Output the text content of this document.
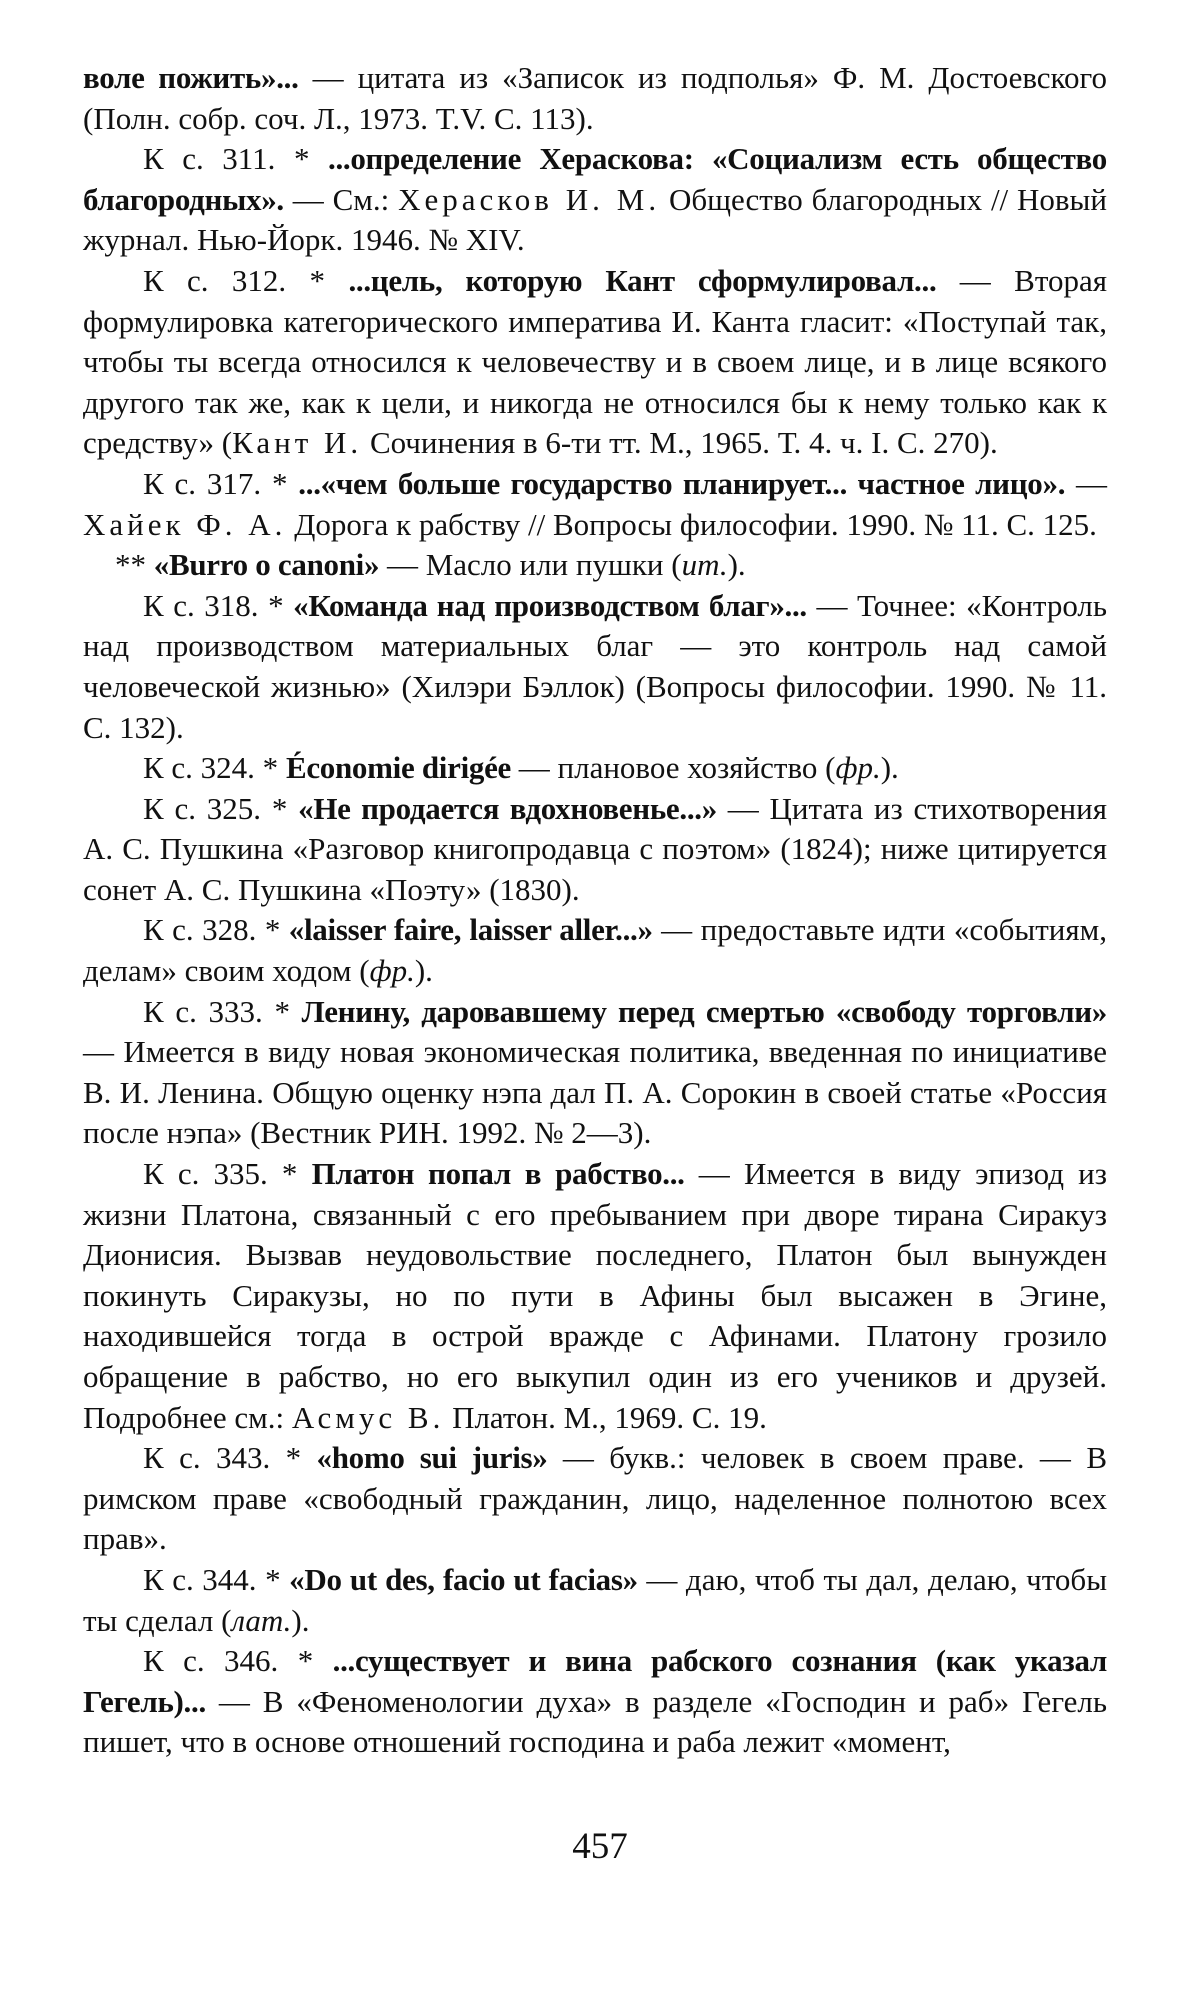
воле пожить»... — цитата из «Записок из подполья» Ф. М. Достоевского (Полн. собр. соч. Л., 1973. T.V. С. 113).

К с. 311. * ...определение Хераскова: «Социализм есть общество благородных». — См.: Херасков И. М. Общество благородных // Новый журнал. Нью-Йорк. 1946. № XIV.

К с. 312. * ...цель, которую Кант сформулировал... — Вторая формулировка категорического императива И. Канта гласит: «Поступай так, чтобы ты всегда относился к человечеству и в своем лице, и в лице всякого другого так же, как к цели, и никогда не относился бы к нему только как к средству» (Кант И. Сочинения в 6-ти тт. М., 1965. Т. 4. ч. I. С. 270).

К с. 317. * ...«чем больше государство планирует... частное лицо». — Хайек Ф. А. Дорога к рабству // Вопросы философии. 1990. № 11. С. 125.

** «Burro o canoni» — Масло или пушки (ит.).

К с. 318. * «Команда над производством благ»... — Точнее: «Контроль над производством материальных благ — это контроль над самой человеческой жизнью» (Хилэри Бэллок) (Вопросы философии. 1990. № 11. С. 132).

К с. 324. * Économie dirigée — плановое хозяйство (фр.).

К с. 325. * «Не продается вдохновенье...» — Цитата из стихотворения А. С. Пушкина «Разговор книгопродавца с поэтом» (1824); ниже цитируется сонет А. С. Пушкина «Поэту» (1830).

К с. 328. * «laisser faire, laisser aller...» — предоставьте идти «событиям, делам» своим ходом (фр.).

К с. 333. * Ленину, даровавшему перед смертью «свободу торговли» — Имеется в виду новая экономическая политика, введенная по инициативе В. И. Ленина. Общую оценку нэпа дал П. А. Сорокин в своей статье «Россия после нэпа» (Вестник РИН. 1992. № 2—3).

К с. 335. * Платон попал в рабство... — Имеется в виду эпизод из жизни Платона, связанный с его пребыванием при дворе тирана Сиракуз Дионисия. Вызвав неудовольствие последнего, Платон был вынужден покинуть Сиракузы, но по пути в Афины был высажен в Эгине, находившейся тогда в острой вражде с Афинами. Платону грозило обращение в рабство, но его выкупил один из его учеников и друзей. Подробнее см.: Асмус В. Платон. М., 1969. С. 19.

К с. 343. * «homo sui juris» — букв.: человек в своем праве. — В римском праве «свободный гражданин, лицо, наделенное полнотою всех прав».

К с. 344. * «Do ut des, facio ut facias» — даю, чтоб ты дал, делаю, чтобы ты сделал (лат.).

К с. 346. * ...существует и вина рабского сознания (как указал Гегель)... — В «Феноменологии духа» в разделе «Господин и раб» Гегель пишет, что в основе отношений господина и раба лежит «момент,

457
